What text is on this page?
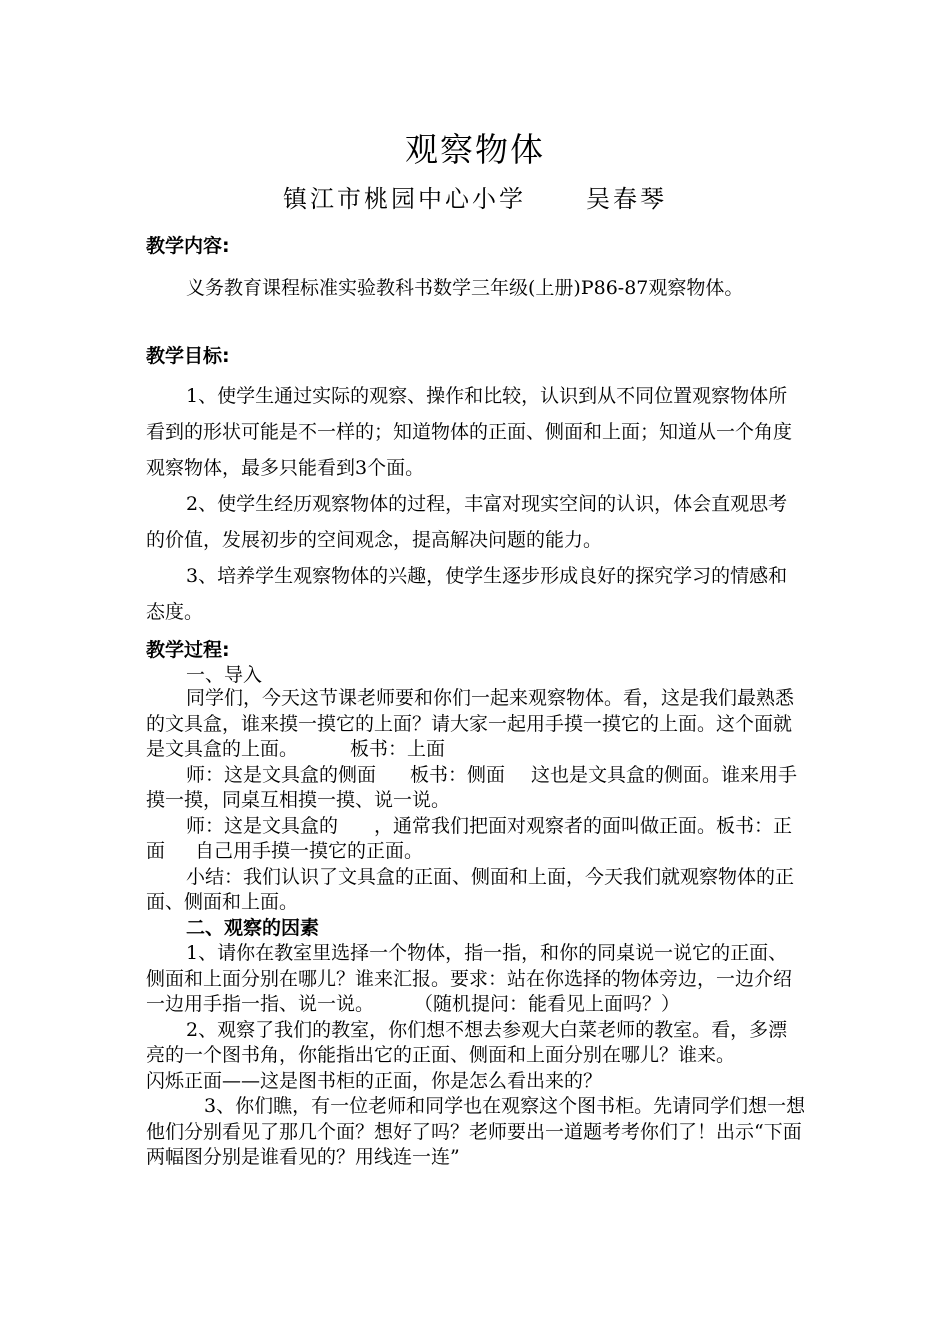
观察物体
镇江市桃园中心小学	吴春琴

教学内容:

义务教育课程标准实验教科书数学三年级(上册)P86-87观察物体。

教学目标:

1、使学生通过实际的观察、操作和比较，认识到从不同位置观察物体所看到的形状可能是不一样的；知道物体的正面、侧面和上面；知道从一个角度观察物体，最多只能看到3个面。

2、使学生经历观察物体的过程，丰富对现实空间的认识，体会直观思考的价值，发展初步的空间观念，提高解决问题的能力。

3、培养学生观察物体的兴趣，使学生逐步形成良好的探究学习的情感和态度。

教学过程:

一、导入

同学们，今天这节课老师要和你们一起来观察物体。看，这是我们最熟悉的文具盒，谁来摸一摸它的上面？请大家一起用手摸一摸它的上面。这个面就是文具盒的上面。	板书：上面

师：这是文具盒的侧面 板书：侧面 这也是文具盒的侧面。谁来用手摸一摸，同桌互相摸一摸、说一说。

师：这是文具盒的 ，通常我们把面对观察者的面叫做正面。板书：正面 自己用手摸一摸它的正面。

小结：我们认识了文具盒的正面、侧面和上面，今天我们就观察物体的正面、侧面和上面。

二、观察的因素

1、请你在教室里选择一个物体，指一指，和你的同桌说一说它的正面、侧面和上面分别在哪儿？谁来汇报。要求：站在你选择的物体旁边，一边介绍一边用手指一指、说一说。 （随机提问：能看见上面吗？）

2、观察了我们的教室，你们想不想去参观大白菜老师的教室。看，多漂亮的一个图书角，你能指出它的正面、侧面和上面分别在哪儿？谁来。

闪烁正面——这是图书柜的正面，你是怎么看出来的？

3、你们瞧，有一位老师和同学也在观察这个图书柜。先请同学们想一想他们分别看见了那几个面？想好了吗？老师要出一道题考考你们了！出示“下面两幅图分别是谁看见的？用线连一连”
